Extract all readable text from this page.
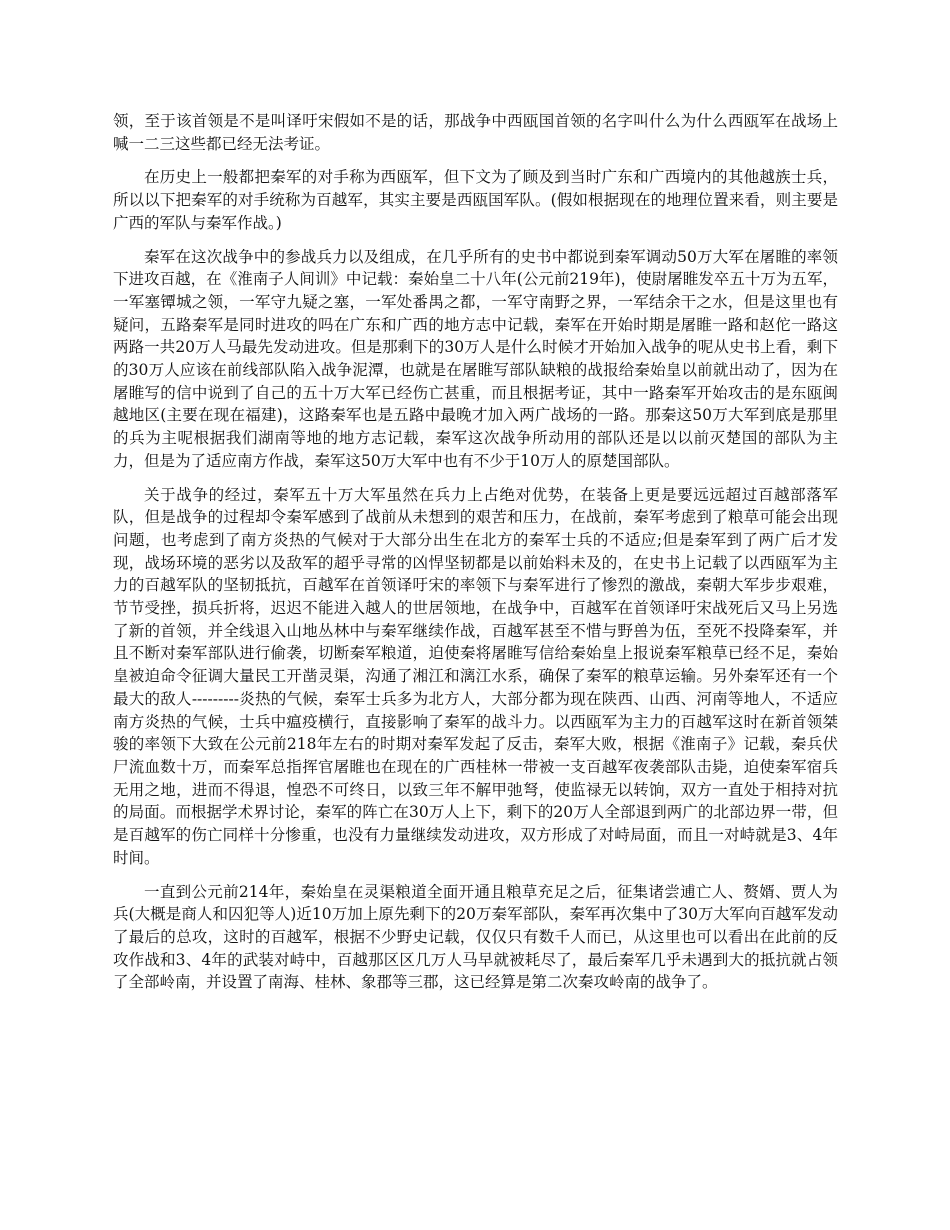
领，至于该首领是不是叫译吁宋假如不是的话，那战争中西瓯国首领的名字叫什么为什么西瓯军在战场上喊一二三这些都已经无法考证。

在历史上一般都把秦军的对手称为西瓯军，但下文为了顾及到当时广东和广西境内的其他越族士兵，所以以下把秦军的对手统称为百越军，其实主要是西瓯国军队。(假如根据现在的地理位置来看，则主要是广西的军队与秦军作战。)

秦军在这次战争中的参战兵力以及组成，在几乎所有的史书中都说到秦军调动50万大军在屠睢的率领下进攻百越，在《淮南子人间训》中记载：秦始皇二十八年(公元前219年)，使尉屠睢发卒五十万为五军，一军塞镡城之领，一军守九疑之塞，一军处番禺之都，一军守南野之界，一军结余干之水，但是这里也有疑问，五路秦军是同时进攻的吗在广东和广西的地方志中记载，秦军在开始时期是屠睢一路和赵佗一路这两路一共20万人马最先发动进攻。但是那剩下的30万人是什么时候才开始加入战争的呢从史书上看，剩下的30万人应该在前线部队陷入战争泥潭，也就是在屠睢写部队缺粮的战报给秦始皇以前就出动了，因为在屠睢写的信中说到了自己的五十万大军已经伤亡甚重，而且根据考证，其中一路秦军开始攻击的是东瓯闽越地区(主要在现在福建)，这路秦军也是五路中最晚才加入两广战场的一路。那秦这50万大军到底是那里的兵为主呢根据我们湖南等地的地方志记载，秦军这次战争所动用的部队还是以以前灭楚国的部队为主力，但是为了适应南方作战，秦军这50万大军中也有不少于10万人的原楚国部队。

关于战争的经过，秦军五十万大军虽然在兵力上占绝对优势，在装备上更是要远远超过百越部落军队，但是战争的过程却令秦军感到了战前从未想到的艰苦和压力，在战前，秦军考虑到了粮草可能会出现问题，也考虑到了南方炎热的气候对于大部分出生在北方的秦军士兵的不适应;但是秦军到了两广后才发现，战场环境的恶劣以及敌军的超乎寻常的凶悍坚韧都是以前始料未及的，在史书上记载了以西瓯军为主力的百越军队的坚韧抵抗，百越军在首领译吁宋的率领下与秦军进行了惨烈的激战，秦朝大军步步艰难，节节受挫，损兵折将，迟迟不能进入越人的世居领地，在战争中，百越军在首领译吁宋战死后又马上另选了新的首领，并全线退入山地丛林中与秦军继续作战，百越军甚至不惜与野兽为伍，至死不投降秦军，并且不断对秦军部队进行偷袭，切断秦军粮道，迫使秦将屠睢写信给秦始皇上报说秦军粮草已经不足，秦始皇被迫命令征调大量民工开凿灵渠，沟通了湘江和漓江水系，确保了秦军的粮草运输。另外秦军还有一个最大的敌人---------炎热的气候，秦军士兵多为北方人，大部分都为现在陕西、山西、河南等地人，不适应南方炎热的气候，士兵中瘟疫横行，直接影响了秦军的战斗力。以西瓯军为主力的百越军这时在新首领桀骏的率领下大致在公元前218年左右的时期对秦军发起了反击，秦军大败，根据《淮南子》记载，秦兵伏尸流血数十万，而秦军总指挥官屠睢也在现在的广西桂林一带被一支百越军夜袭部队击毙，迫使秦军宿兵无用之地，进而不得退，惶恐不可终日，以致三年不解甲弛弩，使监禄无以转饷，双方一直处于相持对抗的局面。而根据学术界讨论，秦军的阵亡在30万人上下，剩下的20万人全部退到两广的北部边界一带，但是百越军的伤亡同样十分惨重，也没有力量继续发动进攻，双方形成了对峙局面，而且一对峙就是3、4年时间。

一直到公元前214年，秦始皇在灵渠粮道全面开通且粮草充足之后，征集诸尝逋亡人、赘婿、贾人为兵(大概是商人和囚犯等人)近10万加上原先剩下的20万秦军部队，秦军再次集中了30万大军向百越军发动了最后的总攻，这时的百越军，根据不少野史记载，仅仅只有数千人而已，从这里也可以看出在此前的反攻作战和3、4年的武装对峙中，百越那区区几万人马早就被耗尽了，最后秦军几乎未遇到大的抵抗就占领了全部岭南，并设置了南海、桂林、象郡等三郡，这已经算是第二次秦攻岭南的战争了。
